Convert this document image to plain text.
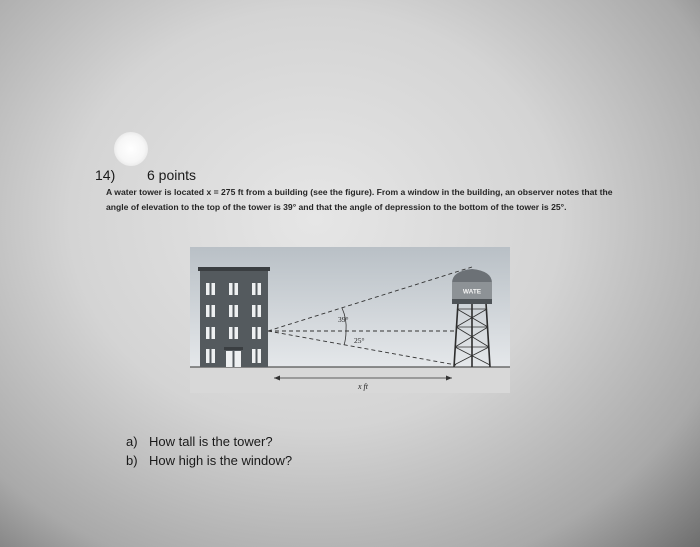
14) 6 points
A water tower is located x = 275 ft from a building (see the figure). From a window in the building, an observer notes that the angle of elevation to the top of the tower is 39° and that the angle of depression to the bottom of the tower is 25°.
WATE
39°
25°
x ft
a) How tall is the tower?
b) How high is the window?
